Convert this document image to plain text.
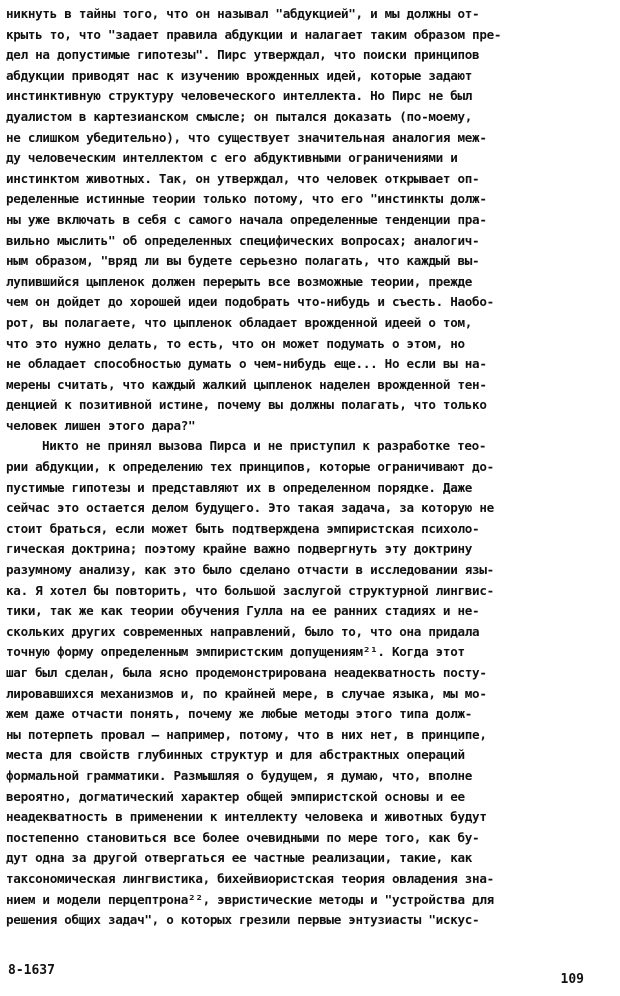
никнуть в тайны того, что он называл "абдукцией", и мы должны от-
крыть то, что "задает правила абдукции и налагает таким образом пре-
дел на допустимые гипотезы". Пирс утверждал, что поиски принципов
абдукции приводят нас к изучению врожденных идей, которые задают
инстинктивную структуру человеческого интеллекта. Но Пирс не был
дуалистом в картезианском смысле; он пытался доказать (по-моему,
не слишком убедительно), что существует значительная аналогия меж-
ду человеческим интеллектом с его абдуктивными ограничениями и
инстинктом животных. Так, он утверждал, что человек открывает оп-
ределенные истинные теории только потому, что его "инстинкты долж-
ны уже включать в себя с самого начала определенные тенденции пра-
вильно мыслить" об определенных специфических вопросах; аналогич-
ным образом, "вряд ли вы будете серьезно полагать, что каждый вы-
лупившийся цыпленок должен перерыть все возможные теории, прежде
чем он дойдет до хорошей идеи подобрать что-нибудь и съесть. Наобо-
рот, вы полагаете, что цыпленок обладает врожденной идеей о том,
что это нужно делать, то есть, что он может подумать о этом, но
не обладает способностью думать о чем-нибудь еще... Но если вы на-
мерены считать, что каждый жалкий цыпленок наделен врожденной тен-
денцией к позитивной истине, почему вы должны полагать, что только
человек лишен этого дара?"
Никто не принял вызова Пирса и не приступил к разработке тео-
рии абдукции, к определению тех принципов, которые ограничивают до-
пустимые гипотезы и представляют их в определенном порядке. Даже
сейчас это остается делом будущего. Это такая задача, за которую не
стоит браться, если может быть подтверждена эмпиристская психоло-
гическая доктрина; поэтому крайне важно подвергнуть эту доктрину
разумному анализу, как это было сделано отчасти в исследовании язы-
ка. Я хотел бы повторить, что большой заслугой структурной лингвис-
тики, так же как теории обучения Гулла на ее ранних стадиях и не-
скольких других современных направлений, было то, что она придала
точную форму определенным эмпиристским допущениям²¹. Когда этот
шаг был сделан, была ясно продемонстрирована неадекватность посту-
лировавшихся механизмов и, по крайней мере, в случае языка, мы мо-
жем даже отчасти понять, почему же любые методы этого типа долж-
ны потерпеть провал — например, потому, что в них нет, в принципе,
места для свойств глубинных структур и для абстрактных операций
формальной грамматики. Размышляя о будущем, я думаю, что, вполне
вероятно, догматический характер общей эмпиристской основы и ее
неадекватность в применении к интеллекту человека и животных будут
постепенно становиться все более очевидными по мере того, как бу-
дут одна за другой отвергаться ее частные реализации, такие, как
таксономическая лингвистика, бихейвиористская теория овладения зна-
нием и модели перцептрона²², эвристические методы и "устройства для
решения общих задач", о которых грезили первые энтузиасты "искус-
8-1637
109
